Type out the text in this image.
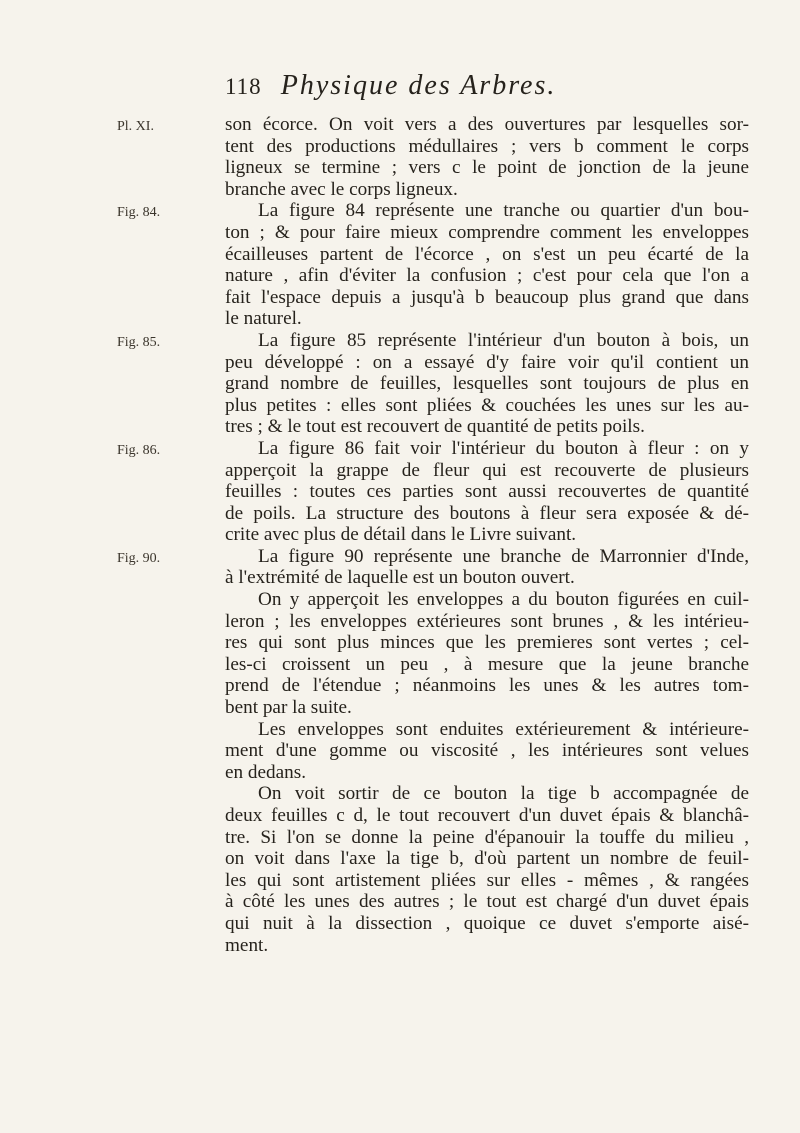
118 Physique des Arbres.
Pl. XI.
Fig. 84.
Fig. 85.
Fig. 86.
Fig. 90.
son écorce. On voit vers a des ouvertures par lesquelles sor-
tent des productions médullaires ; vers b comment le corps
ligneux se termine ; vers c le point de jonction de la jeune
branche avec le corps ligneux.
La figure 84 représente une tranche ou quartier d'un bou-
ton ; & pour faire mieux comprendre comment les enveloppes
écailleuses partent de l'écorce , on s'est un peu écarté de la
nature , afin d'éviter la confusion ; c'est pour cela que l'on a
fait l'espace depuis a jusqu'à b beaucoup plus grand que dans
le naturel.
La figure 85 représente l'intérieur d'un bouton à bois, un
peu développé : on a essayé d'y faire voir qu'il contient un
grand nombre de feuilles, lesquelles sont toujours de plus en
plus petites : elles sont pliées & couchées les unes sur les au-
tres ; & le tout est recouvert de quantité de petits poils.
La figure 86 fait voir l'intérieur du bouton à fleur : on y
apperçoit la grappe de fleur qui est recouverte de plusieurs
feuilles : toutes ces parties sont aussi recouvertes de quantité
de poils. La structure des boutons à fleur sera exposée & dé-
crite avec plus de détail dans le Livre suivant.
La figure 90 représente une branche de Marronnier d'Inde,
à l'extrémité de laquelle est un bouton ouvert.
On y apperçoit les enveloppes a du bouton figurées en cuil-
leron ; les enveloppes extérieures sont brunes , & les intérieu-
res qui sont plus minces que les premieres sont vertes ; cel-
les-ci croissent un peu , à mesure que la jeune branche
prend de l'étendue ; néanmoins les unes & les autres tom-
bent par la suite.
Les enveloppes sont enduites extérieurement & intérieure-
ment d'une gomme ou viscosité , les intérieures sont velues
en dedans.
On voit sortir de ce bouton la tige b accompagnée de
deux feuilles c d, le tout recouvert d'un duvet épais & blanchâ-
tre. Si l'on se donne la peine d'épanouir la touffe du milieu ,
on voit dans l'axe la tige b, d'où partent un nombre de feuil-
les qui sont artistement pliées sur elles - mêmes , & rangées
à côté les unes des autres ; le tout est chargé d'un duvet épais
qui nuit à la dissection , quoique ce duvet s'emporte aisé-
ment.
